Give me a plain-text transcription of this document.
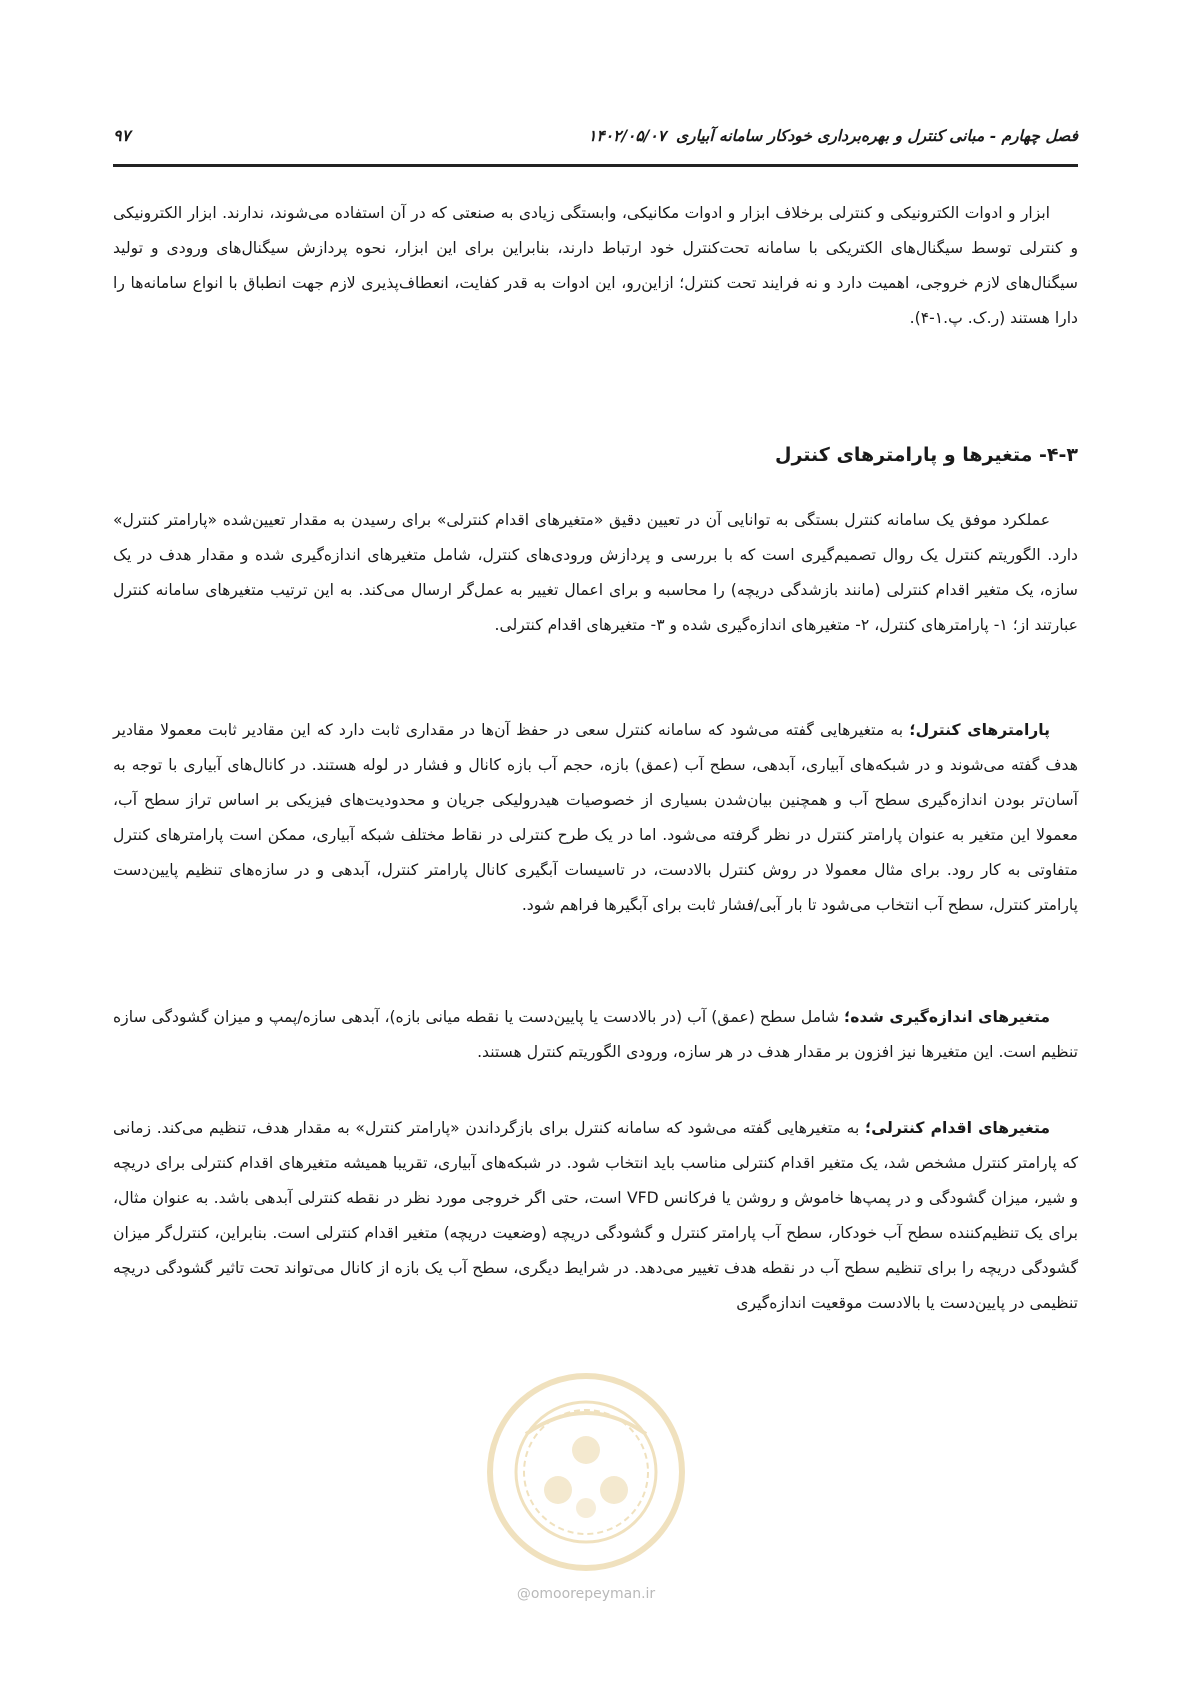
فصل چهارم - مبانی کنترل و بهره‌برداری خودکار سامانه آبیاری۱۴۰۲/۰۵/۰۷
۹۷

ابزار و ادوات الکترونیکی و کنترلی برخلاف ابزار و ادوات مکانیکی، وابستگی زیادی به صنعتی که در آن استفاده می‌شوند، ندارند. ابزار الکترونیکی و کنترلی توسط سیگنال‌های الکتریکی با سامانه تحت‌کنترل خود ارتباط دارند، بنابراین برای این ابزار، نحوه پردازش سیگنال‌های ورودی و تولید سیگنال‌های لازم خروجی، اهمیت دارد و نه فرایند تحت کنترل؛ ازاین‌رو، این ادوات به قدر کفایت، انعطاف‌پذیری لازم جهت انطباق با انواع سامانه‌ها را دارا هستند (ر.ک. پ.۱-۴).

۴-۳- متغیرها و پارامترهای کنترل

عملکرد موفق یک سامانه کنترل بستگی به توانایی آن در تعیین دقیق «متغیرهای اقدام کنترلی» برای رسیدن به مقدار تعیین‌شده «پارامتر کنترل» دارد. الگوریتم کنترل یک روال تصمیم‌گیری است که با بررسی و پردازش ورودی‌های کنترل، شامل متغیرهای اندازه‌گیری شده و مقدار هدف در یک سازه، یک متغیر اقدام کنترلی (مانند بازشدگی دریچه) را محاسبه و برای اعمال تغییر به عمل‌گر ارسال می‌کند. به این ترتیب متغیرهای سامانه کنترل عبارتند از؛ ۱- پارامترهای کنترل، ۲- متغیرهای اندازه‌گیری شده و ۳- متغیرهای اقدام کنترلی.

پارامترهای کنترل؛ به متغیرهایی گفته می‌شود که سامانه کنترل سعی در حفظ آن‌ها در مقداری ثابت دارد که این مقادیر ثابت معمولا مقادیر هدف گفته می‌شوند و در شبکه‌های آبیاری، آبدهی، سطح آب (عمق) بازه، حجم آب بازه کانال و فشار در لوله هستند. در کانال‌های آبیاری با توجه به آسان‌تر بودن اندازه‌گیری سطح آب و همچنین بیان‌شدن بسیاری از خصوصیات هیدرولیکی جریان و محدودیت‌های فیزیکی بر اساس تراز سطح آب، معمولا این متغیر به عنوان پارامتر کنترل در نظر گرفته می‌شود. اما در یک طرح کنترلی در نقاط مختلف شبکه آبیاری، ممکن است پارامترهای کنترل متفاوتی به کار رود. برای مثال معمولا در روش کنترل بالادست، در تاسیسات آبگیری کانال پارامتر کنترل، آبدهی و در سازه‌های تنظیم پایین‌دست پارامتر کنترل، سطح آب انتخاب می‌شود تا بار آبی/فشار ثابت برای آبگیرها فراهم شود.

متغیرهای اندازه‌گیری شده؛ شامل سطح (عمق) آب (در بالادست یا پایین‌دست یا نقطه میانی بازه)، آبدهی سازه/پمپ و میزان گشودگی سازه تنظیم است. این متغیرها نیز افزون بر مقدار هدف در هر سازه، ورودی الگوریتم کنترل هستند.

متغیرهای اقدام کنترلی؛ به متغیرهایی گفته می‌شود که سامانه کنترل برای بازگرداندن «پارامتر کنترل» به مقدار هدف، تنظیم می‌کند. زمانی که پارامتر کنترل مشخص شد، یک متغیر اقدام کنترلی مناسب باید انتخاب شود. در شبکه‌های آبیاری، تقریبا همیشه متغیرهای اقدام کنترلی برای دریچه و شیر، میزان گشودگی و در پمپ‌ها خاموش و روشن یا فرکانس VFD است، حتی اگر خروجی مورد نظر در نقطه کنترلی آبدهی باشد. به عنوان مثال، برای یک تنظیم‌کننده سطح آب خودکار، سطح آب پارامتر کنترل و گشودگی دریچه (وضعیت دریچه) متغیر اقدام کنترلی است. بنابراین، کنترل‌گر میزان گشودگی دریچه را برای تنظیم سطح آب در نقطه هدف تغییر می‌دهد. در شرایط دیگری، سطح آب یک بازه از کانال می‌تواند تحت تاثیر گشودگی دریچه تنظیمی در پایین‌دست یا بالادست موقعیت اندازه‌گیری

@omoorepeyman.ir
